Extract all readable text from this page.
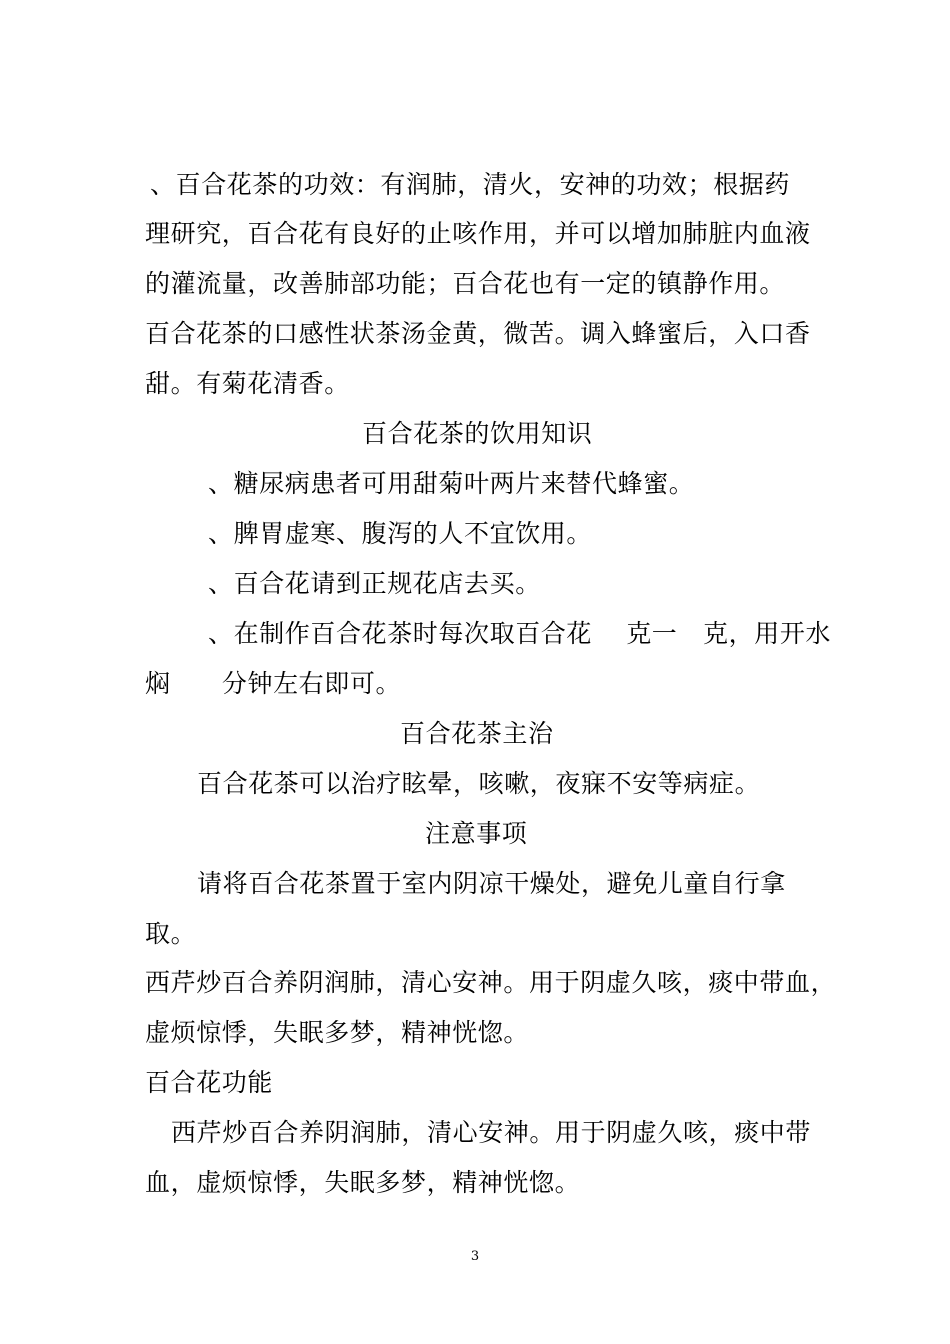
、百合花茶的功效：有润肺，清火，安神的功效；根据药
理研究，百合花有良好的止咳作用，并可以增加肺脏内血液
的灌流量，改善肺部功能；百合花也有一定的镇静作用。
百合花茶的口感性状茶汤金黄，微苦。调入蜂蜜后，入口香
甜。有菊花清香。
百合花茶的饮用知识
、糖尿病患者可用甜菊叶两片来替代蜂蜜。
、脾胃虚寒、腹泻的人不宜饮用。
、百合花请到正规花店去买。
、在制作百合花茶时每次取百合花    克一   克，用开水
焖      分钟左右即可。
百合花茶主治
百合花茶可以治疗眩晕，咳嗽，夜寐不安等病症。
注意事项
请将百合花茶置于室内阴凉干燥处，避免儿童自行拿
取。
西芹炒百合养阴润肺，清心安神。用于阴虚久咳，痰中带血，
虚烦惊悸，失眠多梦，精神恍惚。
百合花功能
西芹炒百合养阴润肺，清心安神。用于阴虚久咳，痰中带
血，虚烦惊悸，失眠多梦，精神恍惚。
3
